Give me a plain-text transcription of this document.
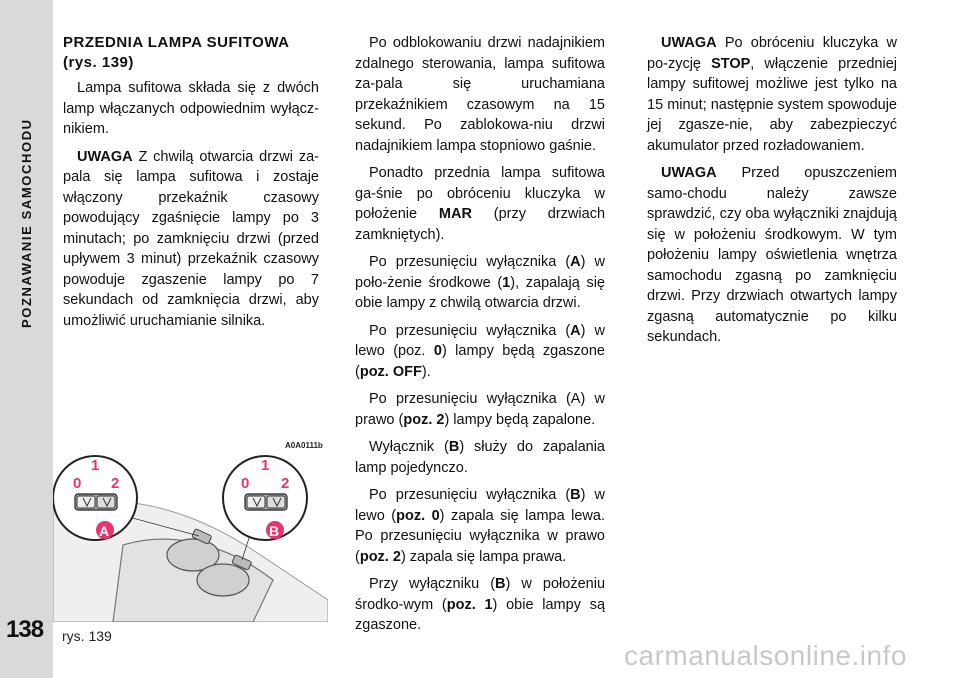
POZNAWANIE SAMOCHODU
138
PRZEDNIA LAMPA SUFITOWA
(rys. 139)

Lampa sufitowa składa się z dwóch lamp włączanych odpowiednim wyłącz-nikiem.

UWAGA Z chwilą otwarcia drzwi za-pala się lampa sufitowa i zostaje włączony przekaźnik czasowy powodujący zgaśnięcie lampy po 3 minutach; po zamknięciu drzwi (przed upływem 3 minut) przekaźnik czasowy powoduje zgaszenie lampy po 7 sekundach od zamknięcia drzwi, aby umożliwić uruchamianie silnika.

Po odblokowaniu drzwi nadajnikiem zdalnego sterowania, lampa sufitowa za-pala się uruchamiana przekaźnikiem czasowym na 15 sekund. Po zablokowa-niu drzwi nadajnikiem lampa stopniowo gaśnie.

Ponadto przednia lampa sufitowa ga-śnie po obróceniu kluczyka w położenie MAR (przy drzwiach zamkniętych).

Po przesunięciu wyłącznika (A) w poło-żenie środkowe (1), zapalają się obie lampy z chwilą otwarcia drzwi.

Po przesunięciu wyłącznika (A) w lewo (poz. 0) lampy będą zgaszone (poz. OFF).

Po przesunięciu wyłącznika (A) w prawo (poz. 2) lampy będą zapalone.

Wyłącznik (B) służy do zapalania lamp pojedynczo.

Po przesunięciu wyłącznika (B) w lewo (poz. 0) zapala się lampa lewa. Po przesunięciu wyłącznika w prawo (poz. 2) zapala się lampa prawa.

Przy wyłączniku (B) w położeniu środko-wym (poz. 1) obie lampy są zgaszone.

UWAGA Po obróceniu kluczyka w po-zycję STOP, włączenie przedniej lampy sufitowej możliwe jest tylko na 15 minut; następnie system spowoduje jej zgasze-nie, aby zabezpieczyć akumulator przed rozładowaniem.

UWAGA Przed opuszczeniem samo-chodu należy zawsze sprawdzić, czy oba wyłączniki znajdują się w położeniu środkowym. W tym położeniu lampy oświetlenia wnętrza samochodu zgasną po zamknięciu drzwi. Przy drzwiach otwartych lampy zgasną automatycznie po kilku sekundach.

A0A0111b
0
1
2
A
0
1
2
B
rys. 139
carmanualsonline.info
